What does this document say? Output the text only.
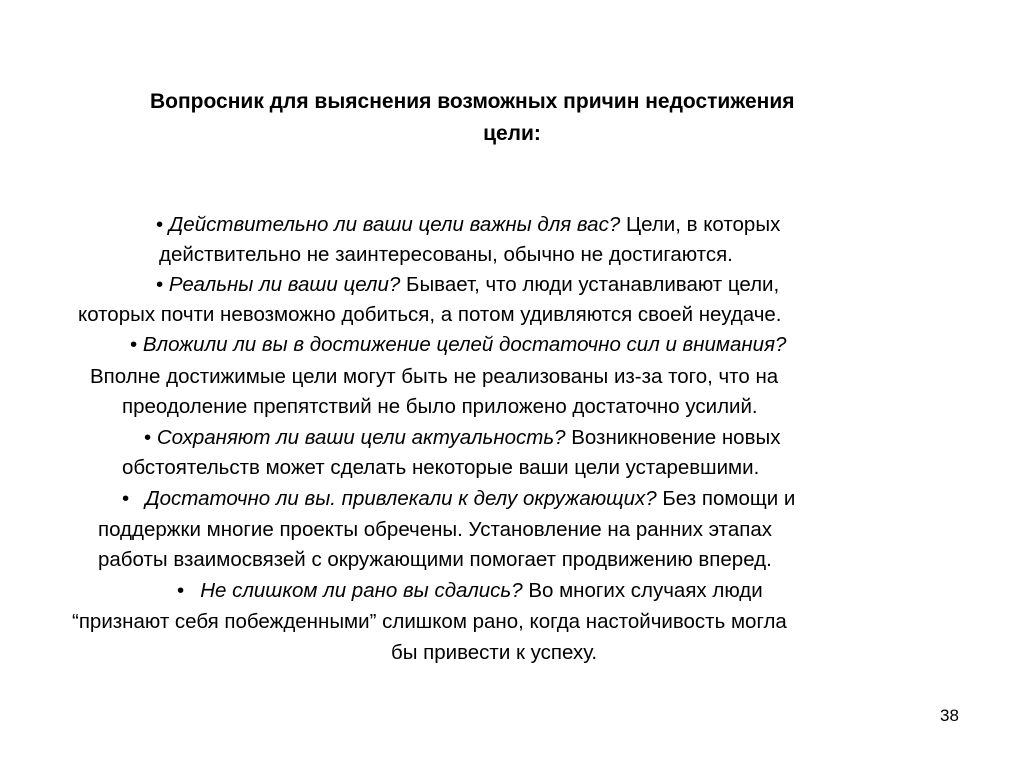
Вопросник для выяснения возможных причин недостижения
цели:

• Действительно ли ваши цели важны для вас? Цели, в которых

действительно не заинтересованы, обычно не достигаются.

• Реальны ли ваши цели? Бывает, что люди устанавливают цели,

которых почти невозможно добиться, а потом удивляются своей неудаче.

• Вложили ли вы в достижение целей достаточно сил и внимания?

Вполне достижимые цели могут быть не реализованы из-за того, что на

преодоление препятствий не было приложено достаточно усилий.

• Сохраняют ли ваши цели актуальность? Возникновение новых

обстоятельств может сделать некоторые ваши цели устаревшими.

• Достаточно ли вы. привлекали к делу окружающих? Без помощи и

поддержки многие проекты обречены. Установление на ранних этапах

работы взаимосвязей с окружающими помогает продвижению вперед.

• Не слишком ли рано вы сдались? Во многих случаях люди

“признают себя побежденными” слишком рано, когда настойчивость могла

бы привести к успеху.

38
